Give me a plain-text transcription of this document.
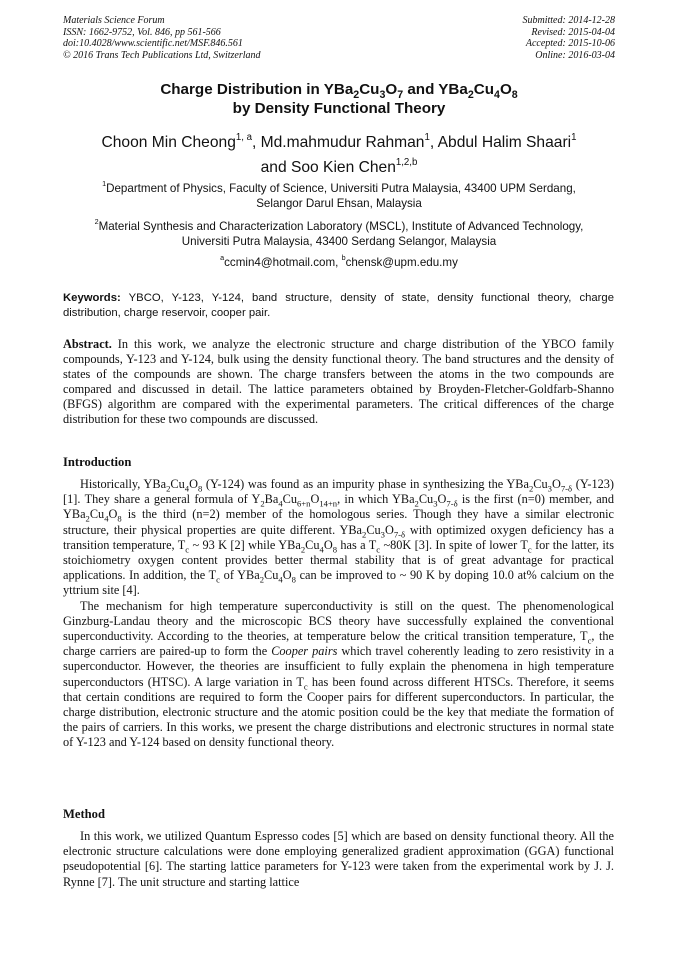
Materials Science Forum
ISSN: 1662-9752, Vol. 846, pp 561-566
doi:10.4028/www.scientific.net/MSF.846.561
© 2016 Trans Tech Publications Ltd, Switzerland
Submitted: 2014-12-28
Revised: 2015-04-04
Accepted: 2015-10-06
Online: 2016-03-04
Charge Distribution in $YBa_2Cu_3O_7$ and $YBa_2Cu_4O_8$
by Density Functional Theory
Choon Min Cheong$^{1, a}$, Md.mahmudur Rahman$^1$, Abdul Halim Shaari$^1$
and Soo Kien Chen$^{1,2,b}$
$^1$Department of Physics, Faculty of Science, Universiti Putra Malaysia, 43400 UPM Serdang,
Selangor Darul Ehsan, Malaysia
$^2$Material Synthesis and Characterization Laboratory (MSCL), Institute of Advanced Technology,
Universiti Putra Malaysia, 43400 Serdang Selangor, Malaysia
$^a$ccmin4@hotmail.com, $^b$chensk@upm.edu.my
Keywords: YBCO, Y-123, Y-124, band structure, density of state, density functional theory, charge distribution, charge reservoir, cooper pair.
Abstract. In this work, we analyze the electronic structure and charge distribution of the YBCO family compounds, Y-123 and Y-124, bulk using the density functional theory. The band structures and the density of states of the compounds are shown. The charge transfers between the atoms in the two compounds are compared and discussed in detail. The lattice parameters obtained by Broyden-Fletcher-Goldfarb-Shanno (BFGS) algorithm are compared with the experimental parameters. The critical differences of the charge distribution for these two compounds are discussed.
Introduction

Historically, $YBa_2Cu_4O_8$ (Y-124) was found as an impurity phase in synthesizing the $YBa_2Cu_3O_{7-\delta}$ (Y-123) [1]. They share a general formula of $Y_2Ba_4Cu_{6+n}O_{14+n}$, in which $YBa_2Cu_3O_{7-\delta}$ is the first (n=0) member, and $YBa_2Cu_4O_8$ is the third (n=2) member of the homologous series. Though they have a similar electronic structure, their physical properties are quite different. $YBa_2Cu_3O_{7-\delta}$ with optimized oxygen deficiency has a transition temperature, $T_c$ ~ 93 K [2] while $YBa_2Cu_4O_8$ has a $T_c$ ~80K [3]. In spite of lower $T_c$ for the latter, its stoichiometry oxygen content provides better thermal stability that is of great advantage for practical applications. In addition, the $T_c$ of $YBa_2Cu_4O_8$ can be improved to ~ 90 K by doping 10.0 at% calcium on the yttrium site [4].

The mechanism for high temperature superconductivity is still on the quest. The phenomenological Ginzburg-Landau theory and the microscopic BCS theory have successfully explained the conventional superconductivity. According to the theories, at temperature below the critical transition temperature, $T_c$, the charge carriers are paired-up to form the Cooper pairs which travel coherently leading to zero resistivity in a superconductor. However, the theories are insufficient to fully explain the phenomena in high temperature superconductors (HTSC). A large variation in $T_c$ has been found across different HTSCs. Therefore, it seems that certain conditions are required to form the Cooper pairs for different superconductors. In particular, the charge distribution, electronic structure and the atomic position could be the key that mediate the formation of the pairs of carriers. In this works, we present the charge distributions and electronic structures in normal state of Y-123 and Y-124 based on density functional theory.

Method

In this work, we utilized Quantum Espresso codes [5] which are based on density functional theory. All the electronic structure calculations were done employing generalized gradient approximation (GGA) functional pseudopotential [6]. The starting lattice parameters for Y-123 were taken from the experimental work by J. J. Rynne [7]. The unit structure and starting lattice
